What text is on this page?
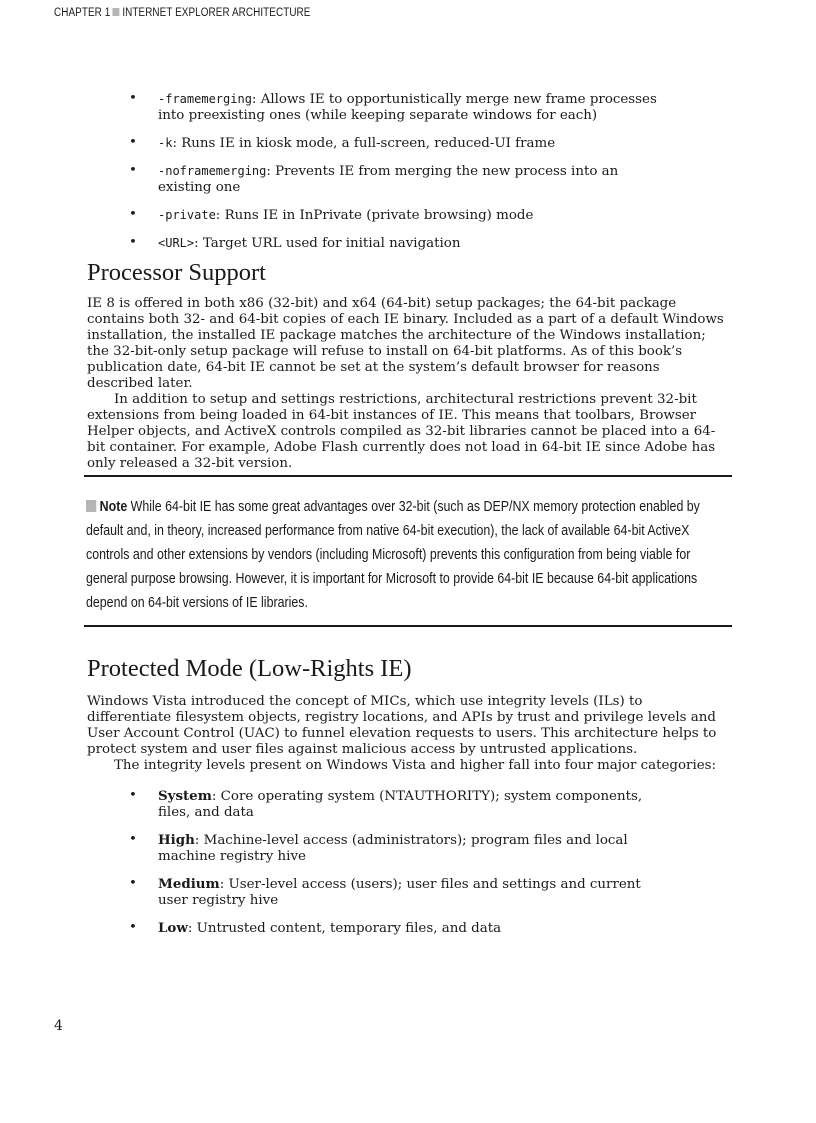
CHAPTER 1 INTERNET EXPLORER ARCHITECTURE
• -framemerging: Allows IE to opportunistically merge new frame processes into preexisting ones (while keeping separate windows for each)
• -k: Runs IE in kiosk mode, a full-screen, reduced-UI frame
• -noframemerging: Prevents IE from merging the new process into an existing one
• -private: Runs IE in InPrivate (private browsing) mode
• <URL>: Target URL used for initial navigation
Processor Support
IE 8 is offered in both x86 (32-bit) and x64 (64-bit) setup packages; the 64-bit package contains both 32- and 64-bit copies of each IE binary. Included as a part of a default Windows installation, the installed IE package matches the architecture of the Windows installation; the 32-bit-only setup package will refuse to install on 64-bit platforms. As of this book’s publication date, 64-bit IE cannot be set at the system’s default browser for reasons described later.
In addition to setup and settings restrictions, architectural restrictions prevent 32-bit extensions from being loaded in 64-bit instances of IE. This means that toolbars, Browser Helper objects, and ActiveX controls compiled as 32-bit libraries cannot be placed into a 64-bit container. For example, Adobe Flash currently does not load in 64-bit IE since Adobe has only released a 32-bit version.
Note While 64-bit IE has some great advantages over 32-bit (such as DEP/NX memory protection enabled by default and, in theory, increased performance from native 64-bit execution), the lack of available 64-bit ActiveX controls and other extensions by vendors (including Microsoft) prevents this configuration from being viable for general purpose browsing. However, it is important for Microsoft to provide 64-bit IE because 64-bit applications depend on 64-bit versions of IE libraries.
Protected Mode (Low-Rights IE)
Windows Vista introduced the concept of MICs, which use integrity levels (ILs) to differentiate filesystem objects, registry locations, and APIs by trust and privilege levels and User Account Control (UAC) to funnel elevation requests to users. This architecture helps to protect system and user files against malicious access by untrusted applications.
The integrity levels present on Windows Vista and higher fall into four major categories:
• System: Core operating system (NTAUTHORITY); system components, files, and data
• High: Machine-level access (administrators); program files and local machine registry hive
• Medium: User-level access (users); user files and settings and current user registry hive
• Low: Untrusted content, temporary files, and data
4
